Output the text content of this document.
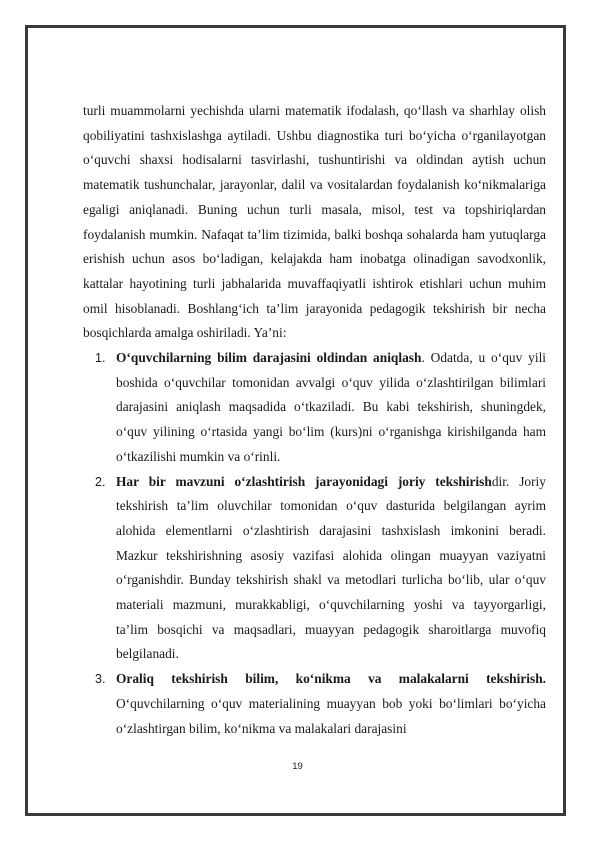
turli muammolarni yechishda ularni matematik ifodalash, qo‘llash va sharhlay olish qobiliyatini tashxislashga aytiladi. Ushbu diagnostika turi bo‘yicha o‘rganilayotgan o‘quvchi shaxsi hodisalarni tasvirlashi, tushuntirishi va oldindan aytish uchun matematik tushunchalar, jarayonlar, dalil va vositalardan foydalanish ko‘nikmalariga egaligi aniqlanadi. Buning uchun turli masala, misol, test va topshiriqlardan foydalanish mumkin. Nafaqat ta’lim tizimida, balki boshqa sohalarda ham yutuqlarga erishish uchun asos bo‘ladigan, kelajakda ham inobatga olinadigan savodxonlik, kattalar hayotining turli jabhalarida muvaffaqiyatli ishtirok etishlari uchun muhim omil hisoblanadi. Boshlang‘ich ta’lim jarayonida pedagogik tekshirish bir necha bosqichlarda amalga oshiriladi. Ya’ni:

1. O‘quvchilarning bilim darajasini oldindan aniqlash. Odatda, u o‘quv yili boshida o‘quvchilar tomonidan avvalgi o‘quv yilida o‘zlashtirilgan bilimlari darajasini aniqlash maqsadida o‘tkaziladi. Bu kabi tekshirish, shuningdek, o‘quv yilining o‘rtasida yangi bo‘lim (kurs)ni o‘rganishga kirishilganda ham o‘tkazilishi mumkin va o‘rinli.
2. Har bir mavzuni o‘zlashtirish jarayonidagi joriy tekshirishdir. Joriy tekshirish ta’lim oluvchilar tomonidan o‘quv dasturida belgilangan ayrim alohida elementlarni o‘zlashtirish darajasini tashxislash imkonini beradi. Mazkur tekshirishning asosiy vazifasi alohida olingan muayyan vaziyatni o‘rganishdir. Bunday tekshirish shakl va metodlari turlicha bo‘lib, ular o‘quv materiali mazmuni, murakkabligi, o‘quvchilarning yoshi va tayyorgarligi, ta’lim bosqichi va maqsadlari, muayyan pedagogik sharoitlarga muvofiq belgilanadi.
3. Oraliq tekshirish bilim, ko‘nikma va malakalarni tekshirish. O‘quvchilarning o‘quv materialining muayyan bob yoki bo‘limlari bo‘yicha o‘zlashtirgan bilim, ko‘nikma va malakalari darajasini
19
